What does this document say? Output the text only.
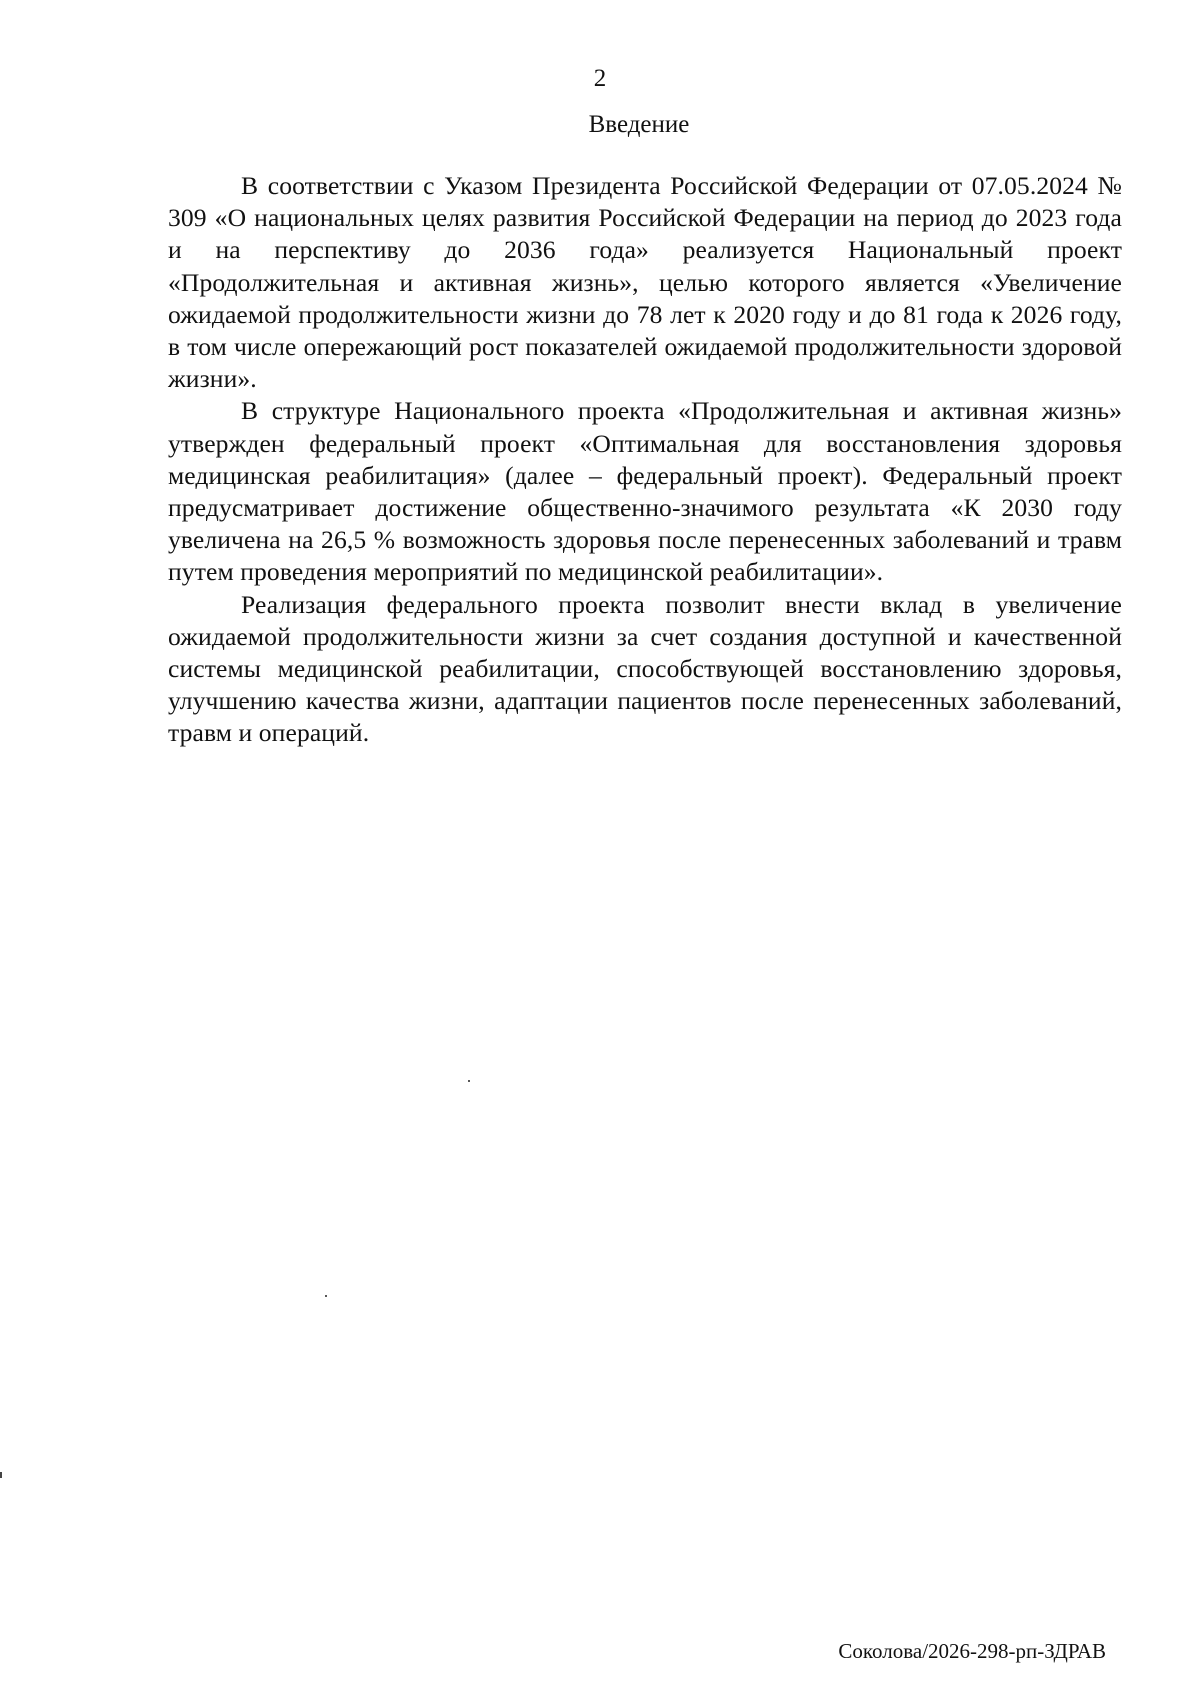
2
Введение

В соответствии с Указом Президента Российской Федерации от 07.05.2024 № 309 «О национальных целях развития Российской Федерации на период до 2023 года и на перспективу до 2036 года» реализуется Национальный проект «Продолжительная и активная жизнь», целью которого является «Увеличение ожидаемой продолжительности жизни до 78 лет к 2020 году и до 81 года к 2026 году, в том числе опережающий рост показателей ожидаемой продолжительности здоровой жизни».

В структуре Национального проекта «Продолжительная и активная жизнь» утвержден федеральный проект «Оптимальная для восстановления здоровья медицинская реабилитация» (далее – федеральный проект). Федеральный проект предусматривает достижение общественно-значимого результата «К 2030 году увеличена на 26,5 % возможность здоровья после перенесенных заболеваний и травм путем проведения мероприятий по медицинской реабилитации».

Реализация федерального проекта позволит внести вклад в увеличение ожидаемой продолжительности жизни за счет создания доступной и качественной системы медицинской реабилитации, способствующей восстановлению здоровья, улучшению качества жизни, адаптации пациентов после перенесенных заболеваний, травм и операций.

Соколова/2026-298-рп-ЗДРАВ
